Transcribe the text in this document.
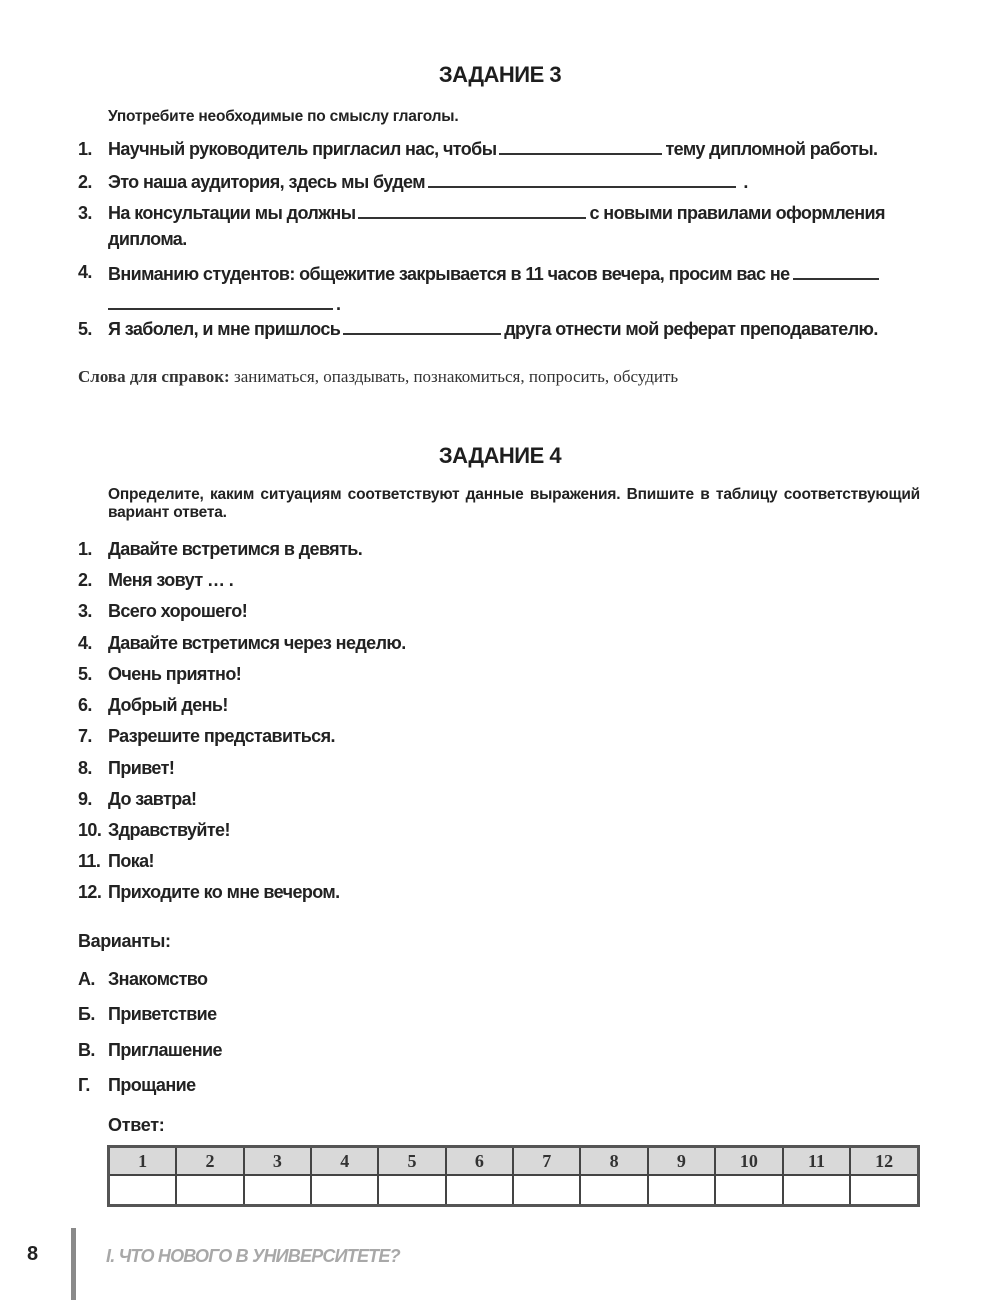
ЗАДАНИЕ 3
Употребите необходимые по смыслу глаголы.
1. Научный руководитель пригласил нас, чтобы	тему дипломной работы.
2. Это наша аудитория, здесь мы будем	.
3. На консультации мы должны	с новыми правилами оформления диплома.
4. Вниманию студентов: общежитие закрывается в 11 часов вечера, просим вас не
.
5. Я заболел, и мне пришлось	друга отнести мой реферат преподавателю.
Слова для справок: заниматься, опаздывать, познакомиться, попросить, обсудить
ЗАДАНИЕ 4
Определите, каким ситуациям соответствуют данные выражения. Впишите в таблицу соответствующий вариант ответа.
1. Давайте встретимся в девять.
2. Меня зовут … .
3. Всего хорошего!
4. Давайте встретимся через неделю.
5. Очень приятно!
6. Добрый день!
7. Разрешите представиться.
8. Привет!
9. До завтра!
10. Здравствуйте!
11. Пока!
12. Приходите ко мне вечером.
Варианты:
А. Знакомство
Б. Приветствие
В. Приглашение
Г. Прощание
Ответ:
1	2	3	4	5	6	7	8	9	10	11	12

8	I. ЧТО НОВОГО В УНИВЕРСИТЕТЕ?
